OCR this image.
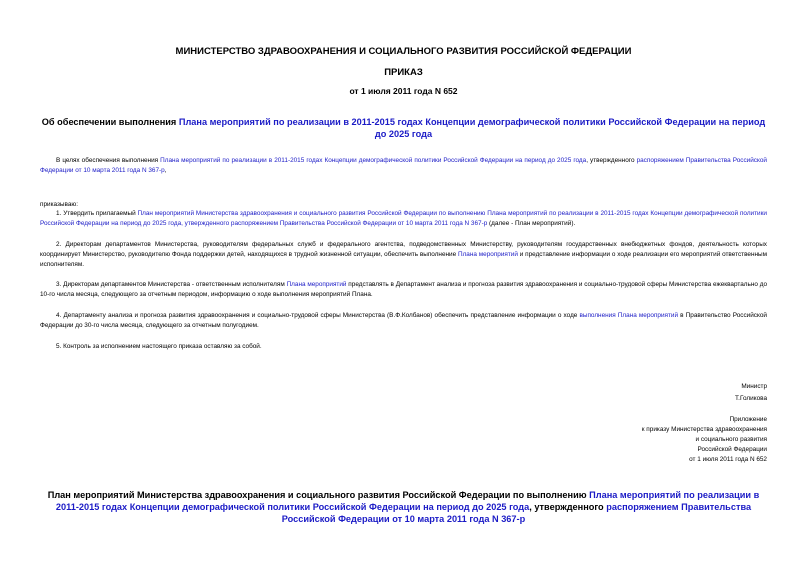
МИНИСТЕРСТВО ЗДРАВООХРАНЕНИЯ И СОЦИАЛЬНОГО РАЗВИТИЯ РОССИЙСКОЙ ФЕДЕРАЦИИ
ПРИКАЗ
от 1 июля 2011 года N 652
Об обеспечении выполнения Плана мероприятий по реализации в 2011-2015 годах Концепции демографической политики Российской Федерации на период до 2025 года
В целях обеспечения выполнения Плана мероприятий по реализации в 2011-2015 годах Концепции демографической политики Российской Федерации на период до 2025 года, утвержденного распоряжением Правительства Российской Федерации от 10 марта 2011 года N 367-р,
приказываю:
1. Утвердить прилагаемый План мероприятий Министерства здравоохранения и социального развития Российской Федерации по выполнению Плана мероприятий по реализации в 2011-2015 годах Концепции демографической политики Российской Федерации на период до 2025 года, утвержденного распоряжением Правительства Российской Федерации от 10 марта 2011 года N 367-р (далее - План мероприятий).
2. Директорам департаментов Министерства, руководителям федеральных служб и федерального агентства, подведомственных Министерству, руководителям государственных внебюджетных фондов, деятельность которых координирует Министерство, руководителю Фонда поддержки детей, находящихся в трудной жизненной ситуации, обеспечить выполнение Плана мероприятий и представление информации о ходе реализации его мероприятий ответственным исполнителям.
3. Директорам департаментов Министерства - ответственным исполнителям Плана мероприятий представлять в Департамент анализа и прогноза развития здравоохранения и социально-трудовой сферы Министерства ежеквартально до 10-го числа месяца, следующего за отчетным периодом, информацию о ходе выполнения мероприятий Плана.
4. Департаменту анализа и прогноза развития здравоохранения и социально-трудовой сферы Министерства (В.Ф.Колбанов) обеспечить представление информации о ходе выполнения Плана мероприятий в Правительство Российской Федерации до 30-го числа месяца, следующего за отчетным полугодием.
5. Контроль за исполнением настоящего приказа оставляю за собой.
Министр
Т.Голикова
Приложение
к приказу Министерства здравоохранения
и социального развития
Российской Федерации
от 1 июля 2011 года N 652
План мероприятий Министерства здравоохранения и социального развития Российской Федерации по выполнению Плана мероприятий по реализации в 2011-2015 годах Концепции демографической политики Российской Федерации на период до 2025 года, утвержденного распоряжением Правительства Российской Федерации от 10 марта 2011 года N 367-р
